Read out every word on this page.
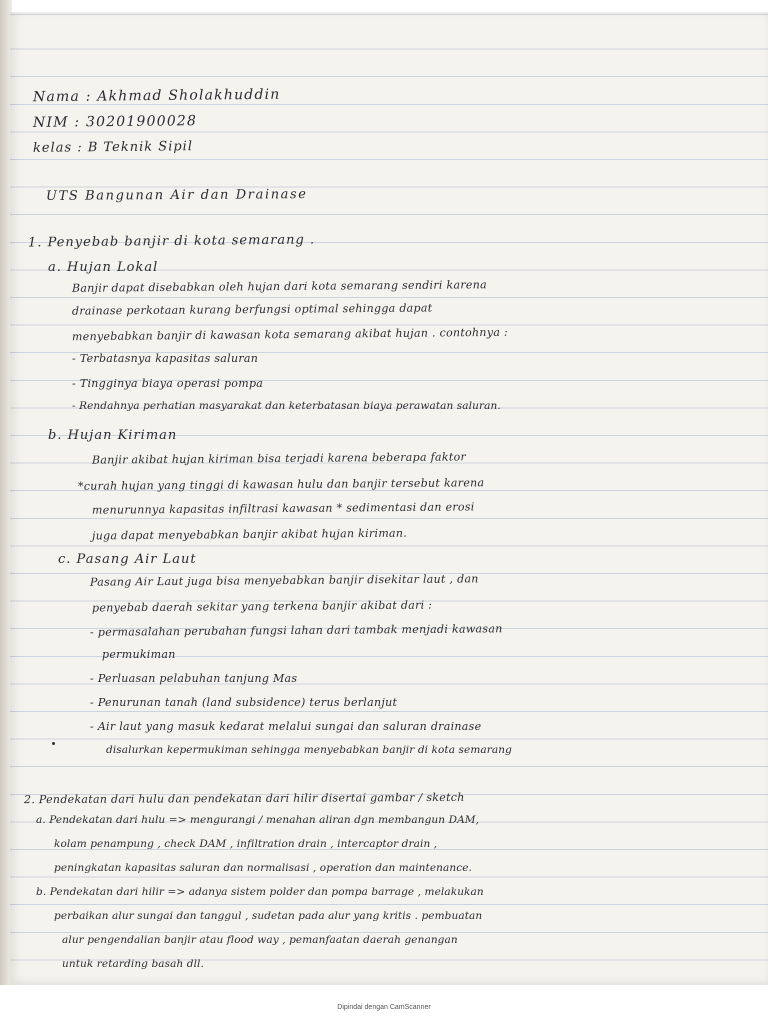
Nama : Akhmad Sholakhuddin
NIM : 30201900028
kelas : B Teknik Sipil
UTS Bangunan Air dan Drainase
1. Penyebab banjir di kota semarang .
a. Hujan Lokal
Banjir dapat disebabkan oleh hujan dari kota semarang sendiri karena
drainase perkotaan kurang berfungsi optimal sehingga dapat
menyebabkan banjir di kawasan kota semarang akibat hujan . contohnya :
- Terbatasnya kapasitas saluran
- Tingginya biaya operasi pompa
- Rendahnya perhatian masyarakat dan keterbatasan biaya perawatan saluran.
b. Hujan Kiriman
Banjir akibat hujan kiriman bisa terjadi karena beberapa faktor
*curah hujan yang tinggi di kawasan hulu dan banjir tersebut karena
menurunnya kapasitas infiltrasi kawasan * sedimentasi dan erosi
juga dapat menyebabkan banjir akibat hujan kiriman.
c. Pasang Air Laut
Pasang Air Laut juga bisa menyebabkan banjir disekitar laut , dan
penyebab daerah sekitar yang terkena banjir akibat dari :
- permasalahan perubahan fungsi lahan dari tambak menjadi kawasan
permukiman
- Perluasan pelabuhan tanjung Mas
- Penurunan tanah (land subsidence) terus berlanjut
- Air laut yang masuk kedarat melalui sungai dan saluran drainase
disalurkan kepermukiman sehingga menyebabkan banjir di kota semarang
2. Pendekatan dari hulu dan pendekatan dari hilir disertai gambar / sketch
a. Pendekatan dari hulu => mengurangi / menahan aliran dgn membangun DAM,
kolam penampung , check DAM , infiltration drain , intercaptor drain ,
peningkatan kapasitas saluran dan normalisasi , operation dan maintenance.
b. Pendekatan dari hilir => adanya sistem polder dan pompa barrage , melakukan
perbaikan alur sungai dan tanggul , sudetan pada alur yang kritis . pembuatan
alur pengendalian banjir atau flood way , pemanfaatan daerah genangan
untuk retarding basah dll.
Dipindai dengan CamScanner
